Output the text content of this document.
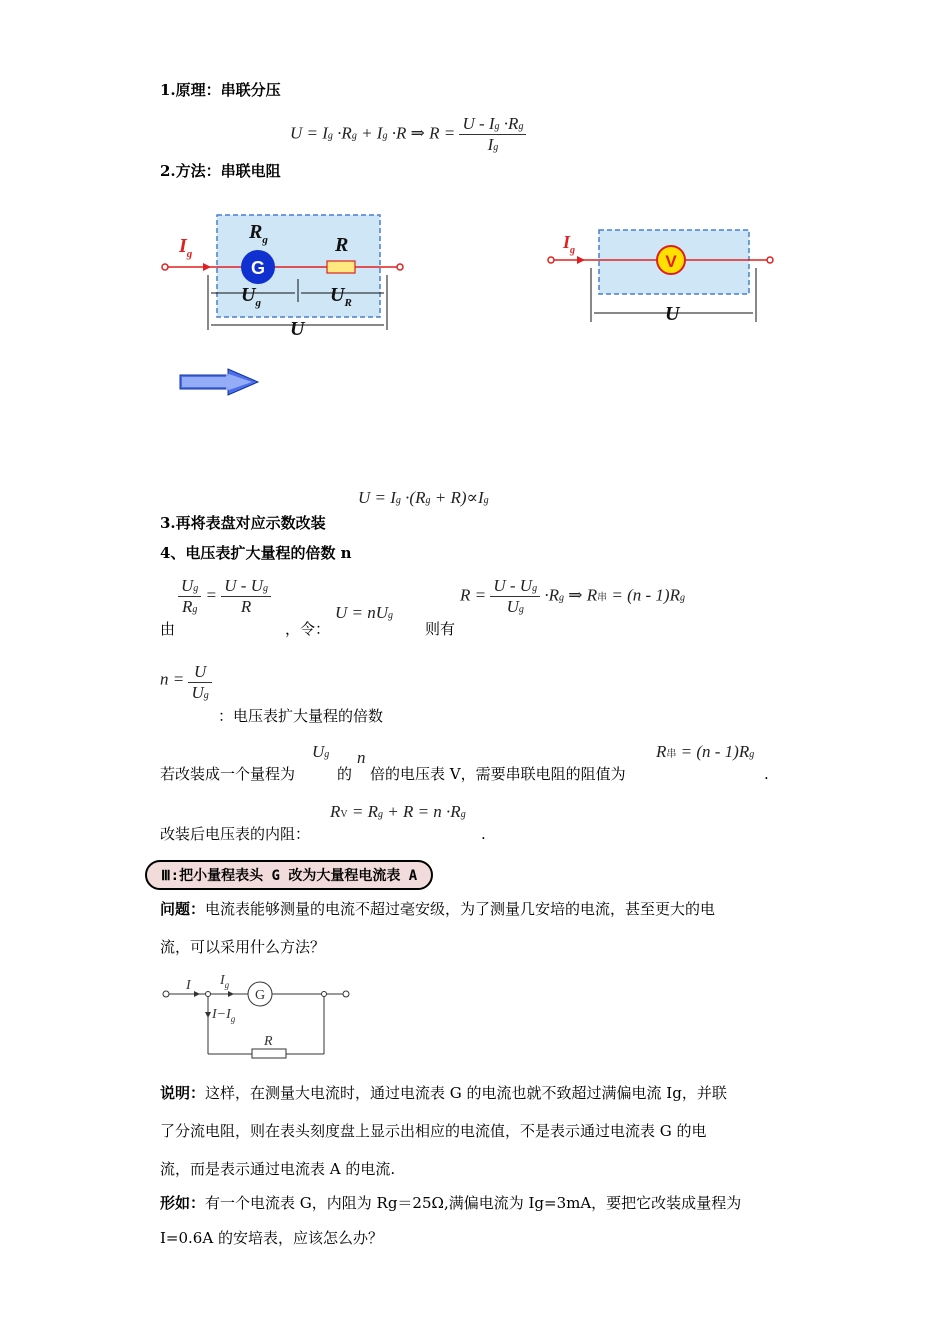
1.原理：串联分压
U = Ig ·Rg + Ig ·R ⇒ $R = \frac{U - Ig \cdot Rg}{Ig}$
2.方法：串联电阻
G
$I_g$
$R_g$	R
$U_g$	$U_R$
U
V
$I_g$
U
U = Ig ·(Rg + R)∝Ig
3.再将表盘对应示数改装
4、电压表扩大量程的倍数 n
由
$\frac{Ug}{Rg} = \frac{U - Ug}{R}$
，令：
U = nUg
则有
$R = \frac{U - Ug}{Ug} \cdot Rg$ ⇒ R串 = (n - 1)Rg
$n = \frac{U}{Ug}$
：电压表扩大量程的倍数
若改装成一个量程为
Ug
的
n
倍的电压表 V，需要串联电阻的阻值为
R串 = (n - 1)Rg
.
改装后电压表的内阻：
RV = Rg + R = n ·Rg
.
Ⅲ:把小量程表头 G 改为大量程电流表 A
问题：电流表能够测量的电流不超过毫安级，为了测量几安培的电流，甚至更大的电
流，可以采用什么方法？
G
I $I_g$
$I-I_g$
R
说明：这样，在测量大电流时，通过电流表 G 的电流也就不致超过满偏电流 Ig，并联
了分流电阻，则在表头刻度盘上显示出相应的电流值，不是表示通过电流表 G 的电
流，而是表示通过电流表 A 的电流.
形如：有一个电流表 G，内阻为 Rg＝25Ω,满偏电流为 Ig=3mA，要把它改装成量程为
I=0.6A 的安培表，应该怎么办？
